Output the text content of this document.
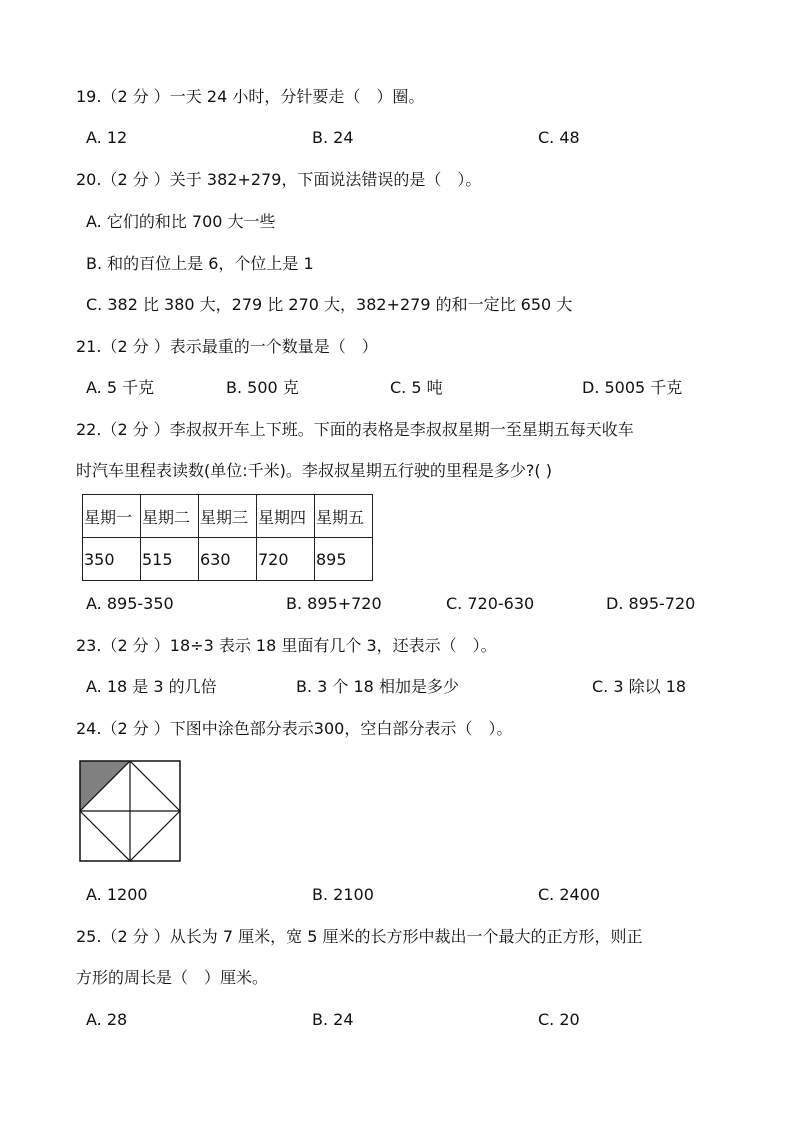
19.（2 分 ）一天 24 小时，分针要走（　）圈。
A. 12	B. 24	C. 48
20.（2 分 ）关于 382+279，下面说法错误的是（　）。
A. 它们的和比 700 大一些
B. 和的百位上是 6，个位上是 1
C. 382 比 380 大，279 比 270 大，382+279 的和一定比 650 大
21.（2 分 ）表示最重的一个数量是（　）
A. 5 千克	B. 500 克	C. 5 吨	D. 5005 千克
22.（2 分 ）李叔叔开车上下班。下面的表格是李叔叔星期一至星期五每天收车
时汽车里程表读数(单位:千米)。李叔叔星期五行驶的里程是多少?( )
星期一	星期二	星期三	星期四	星期五
350	515	630	720	895
A. 895-350	B. 895+720	C. 720-630	D. 895-720
23.（2 分 ）18÷3 表示 18 里面有几个 3，还表示（　）。
A. 18 是 3 的几倍	B. 3 个 18 相加是多少	C. 3 除以 18
24.（2 分 ）下图中涂色部分表示300，空白部分表示（　）。
A. 1200	B. 2100	C. 2400
25.（2 分 ）从长为 7 厘米，宽 5 厘米的长方形中裁出一个最大的正方形，则正
方形的周长是（　）厘米。
A. 28	B. 24	C. 20
